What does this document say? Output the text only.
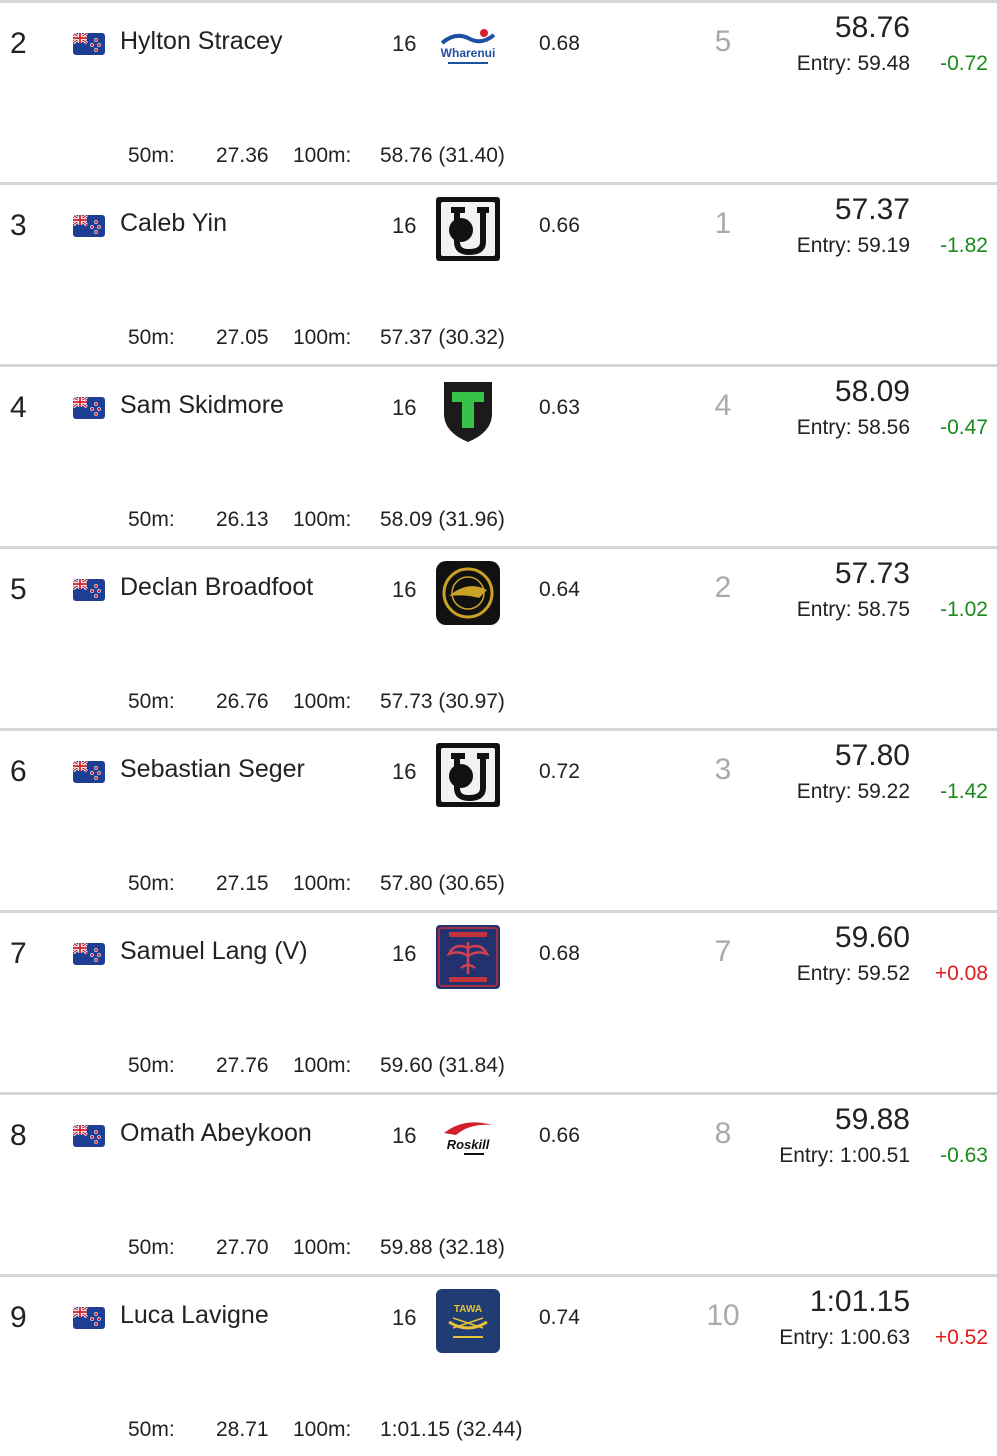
2	Hylton Stracey	16 Wharenui 0.68	5	58.76
Entry: 59.48 -0.72
50m: 27.36 100m: 58.76 (31.40)
3	Caleb Yin	16	0.66	1	57.37
Entry: 59.19 -1.82
50m: 27.05 100m: 57.37 (30.32)
4	Sam Skidmore	16	0.63	4	58.09
Entry: 58.56 -0.47
50m: 26.13 100m: 58.09 (31.96)
5	Declan Broadfoot	16	0.64	2	57.73
Entry: 58.75 -1.02
50m: 26.76 100m: 57.73 (30.97)
6	Sebastian Seger	16	0.72	3	57.80
Entry: 59.22 -1.42
50m: 27.15 100m: 57.80 (30.65)
7	Samuel Lang (V)	16	0.68	7	59.60
Entry: 59.52 +0.08
50m: 27.76 100m: 59.60 (31.84)
8	Omath Abeykoon	16 Roskill 0.66	8	59.88
Entry: 1:00.51 -0.63
50m: 27.70 100m: 59.88 (32.18)
9	Luca Lavigne	16	TAWA	0.74	10	1:01.15
Entry: 1:00.63 +0.52
50m: 28.71 100m: 1:01.15 (32.44)
